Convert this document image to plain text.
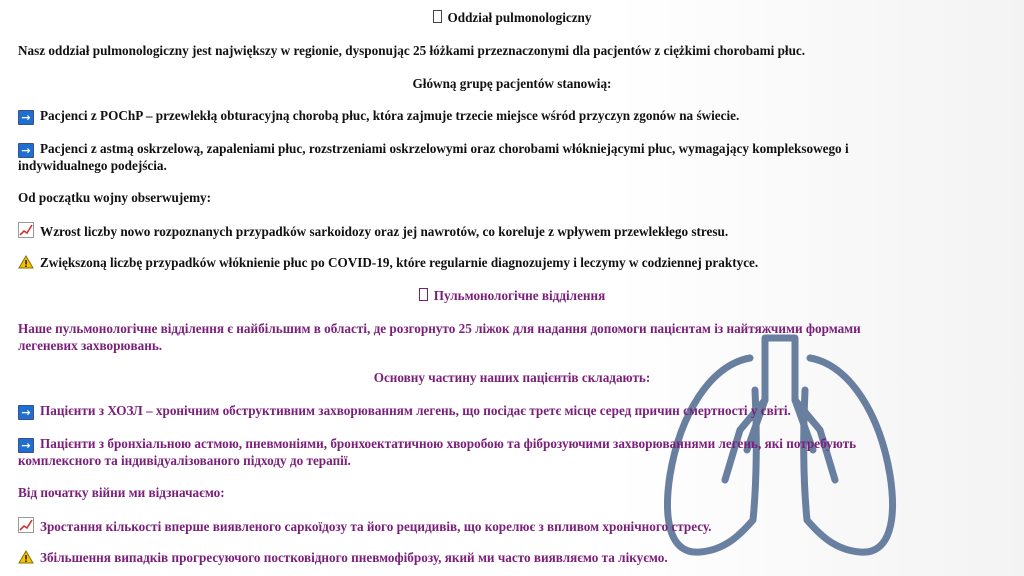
Oddział pulmonologiczny
Nasz oddział pulmonologiczny jest największy w regionie, dysponując 25 łóżkami przeznaczonymi dla pacjentów z ciężkimi chorobami płuc.
Główną grupę pacjentów stanowią:
→ Pacjenci z POChP – przewlekłą obturacyjną chorobą płuc, która zajmuje trzecie miejsce wśród przyczyn zgonów na świecie.
→ Pacjenci z astmą oskrzelową, zapaleniami płuc, rozstrzeniami oskrzelowymi oraz chorobami włókniejącymi płuc, wymagający kompleksowego i
indywidualnego podejścia.
Od początku wojny obserwujemy:
Wzrost liczby nowo rozpoznanych przypadków sarkoidozy oraz jej nawrotów, co koreluje z wpływem przewlekłego stresu.
Zwiększoną liczbę przypadków włóknienie płuc po COVID-19, które regularnie diagnozujemy i leczymy w codziennej praktyce.
Пульмонологічне відділення
Наше пульмонологічне відділення є найбільшим в області, де розгорнуто 25 ліжок для надання допомоги пацієнтам із найтяжчими формами
легеневих захворювань.
Основну частину наших пацієнтів складають:
→ Пацієнти з ХОЗЛ – хронічним обструктивним захворюванням легень, що посідає третє місце серед причин смертності у світі.
→ Пацієнти з бронхіальною астмою, пневмоніями, бронхоектатичною хворобою та фіброзуючими захворюваннями легень, які потребують
комплексного та індивідуалізованого підходу до терапії.
Від початку війни ми відзначаємо:
Зростання кількості вперше виявленого саркоїдозу та його рецидивів, що корелює з впливом хронічного стресу.
Збільшення випадків прогресуючого постковідного пневмофіброзу, який ми часто виявляємо та лікуємо.
